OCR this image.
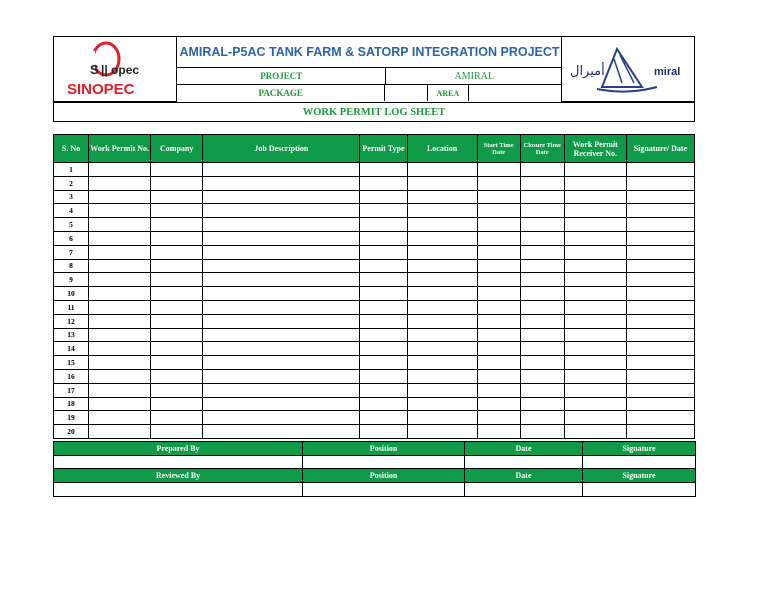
S || opec
SINOPEC
AMIRAL-P5AC TANK FARM & SATORP INTEGRATION PROJECT
PROJECT	AMIRAL
PACKAGE	AREA
أميرال	miral
WORK PERMIT LOG SHEET
S. No	Work Permit No.	Company	Job Description	Permit Type	Location	Start Time Date	Closure Time Date	Work Permit Receiver No.	Signature/ Date
1									
2									
3									
4									
5									
6									
7									
8									
9									
10									
11									
12									
13									
14									
15									
16									
17									
18									
19									
20									
Prepared By	Position	Date	Signature

Reviewed By	Position	Date	Signature
